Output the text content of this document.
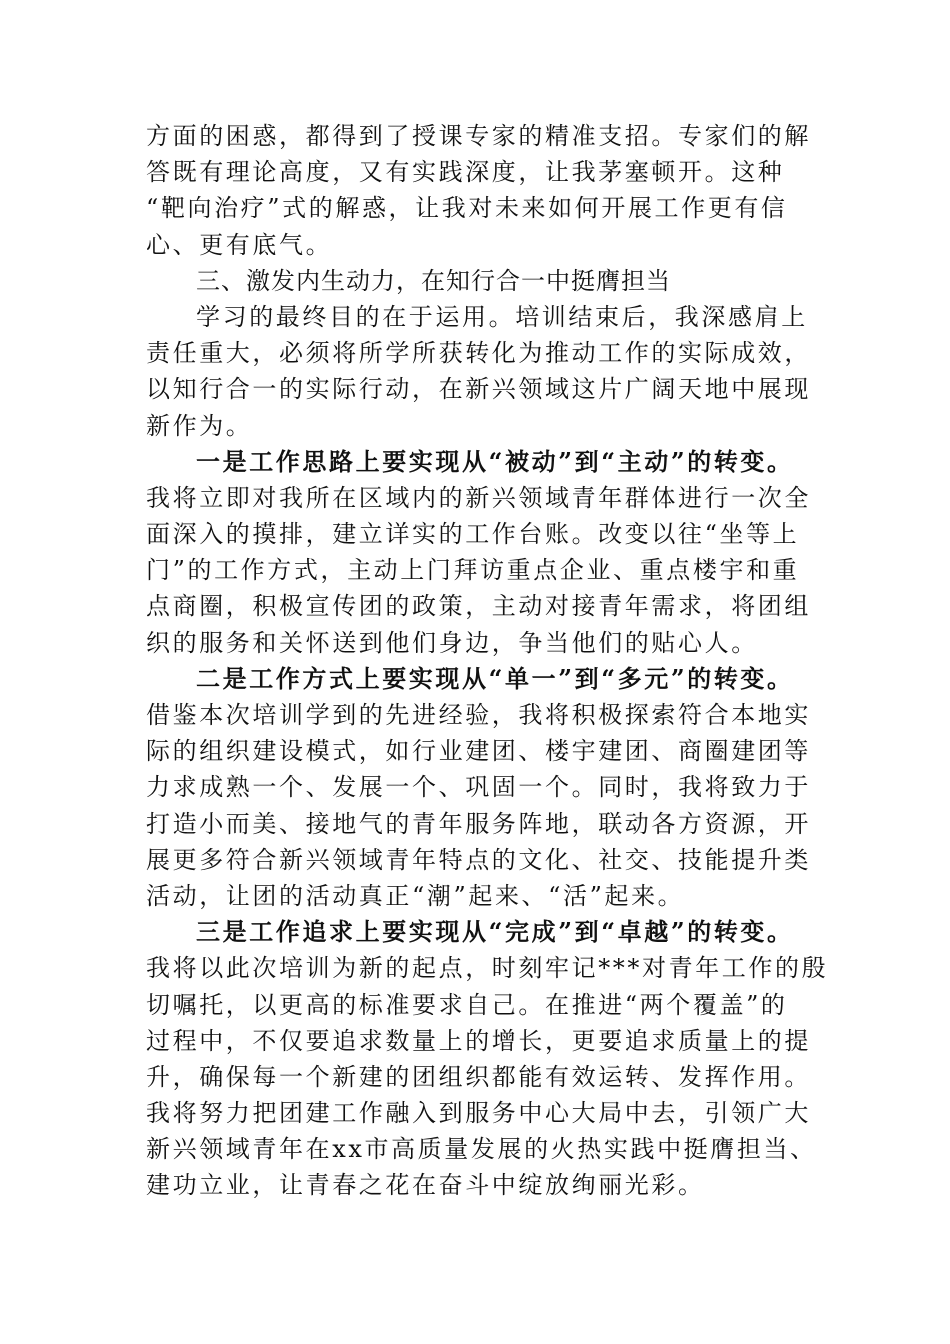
方面的困惑，都得到了授课专家的精准支招。专家们的解
答既有理论高度，又有实践深度，让我茅塞顿开。这种
“靶向治疗”式的解惑，让我对未来如何开展工作更有信
心、更有底气。
三、激发内生动力，在知行合一中挺膺担当
学习的最终目的在于运用。培训结束后，我深感肩上
责任重大，必须将所学所获转化为推动工作的实际成效，
以知行合一的实际行动，在新兴领域这片广阔天地中展现
新作为。
一是工作思路上要实现从“被动”到“主动”的转变。
我将立即对我所在区域内的新兴领域青年群体进行一次全
面深入的摸排，建立详实的工作台账。改变以往“坐等上
门”的工作方式，主动上门拜访重点企业、重点楼宇和重
点商圈，积极宣传团的政策，主动对接青年需求，将团组
织的服务和关怀送到他们身边，争当他们的贴心人。
二是工作方式上要实现从“单一”到“多元”的转变。
借鉴本次培训学到的先进经验，我将积极探索符合本地实
际的组织建设模式，如行业建团、楼宇建团、商圈建团等
力求成熟一个、发展一个、巩固一个。同时，我将致力于
打造小而美、接地气的青年服务阵地，联动各方资源，开
展更多符合新兴领域青年特点的文化、社交、技能提升类
活动，让团的活动真正“潮”起来、“活”起来。
三是工作追求上要实现从“完成”到“卓越”的转变。
我将以此次培训为新的起点，时刻牢记***对青年工作的殷
切嘱托，以更高的标准要求自己。在推进“两个覆盖”的
过程中，不仅要追求数量上的增长，更要追求质量上的提
升，确保每一个新建的团组织都能有效运转、发挥作用。
我将努力把团建工作融入到服务中心大局中去，引领广大
新兴领域青年在xx市高质量发展的火热实践中挺膺担当、
建功立业，让青春之花在奋斗中绽放绚丽光彩。
